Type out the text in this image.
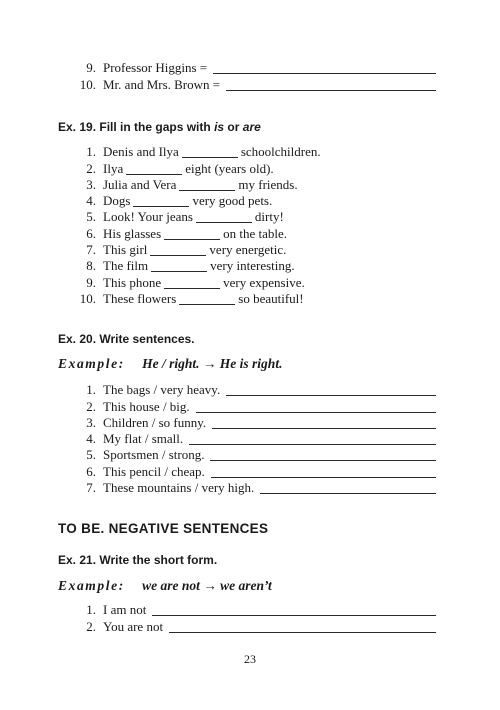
9. Professor Higgins =
10. Mr. and Mrs. Brown =
Ex. 19. Fill in the gaps with is or are
1. Denis and Ilya	schoolchildren.
2. Ilya	eight (years old).
3. Julia and Vera	my friends.
4. Dogs	very good pets.
5. Look! Your jeans	dirty!
6. His glasses	on the table.
7. This girl	very energetic.
8. The film	very interesting.
9. This phone	very expensive.
10. These flowers	so beautiful!
Ex. 20. Write sentences.
Example: He / right. → He is right.
1. The bags / very heavy.
2. This house / big.
3. Children / so funny.
4. My flat / small.
5. Sportsmen / strong.
6. This pencil / cheap.
7. These mountains / very high.
TO BE. NEGATIVE SENTENCES
Ex. 21. Write the short form.
Example: we are not → we aren’t
1. I am not
2. You are not
23
